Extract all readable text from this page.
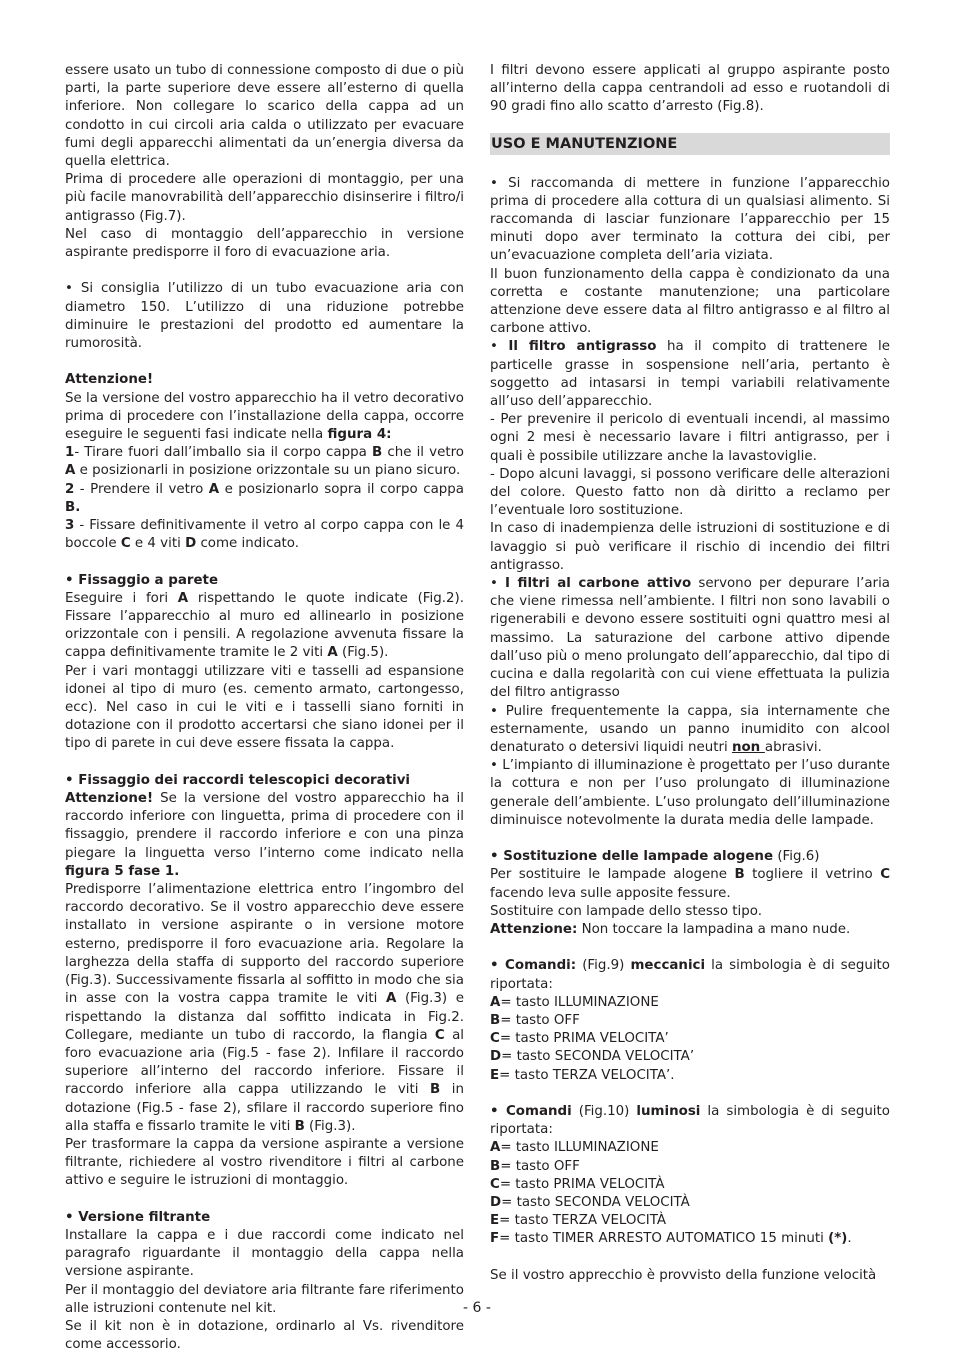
essere usato un tubo di connessione composto di due o più parti, la parte superiore deve essere all’esterno di quella inferiore. Non collegare lo scarico della cappa ad un condotto in cui circoli aria calda o utilizzato per evacuare fumi degli apparecchi alimentati da un’energia diversa da quella elettrica.

Prima di procedere alle operazioni di montaggio, per una più facile manovrabilità dell’apparecchio disinserire i filtro/i antigrasso (Fig.7).

Nel caso di montaggio dell’apparecchio in versione aspirante predisporre il foro di evacuazione aria.

• Si consiglia l’utilizzo di un tubo evacuazione aria con diametro 150. L’utilizzo di una riduzione potrebbe diminuire le prestazioni del prodotto ed aumentare la rumorosità.

Attenzione!

Se la versione del vostro apparecchio ha il vetro decorativo prima di procedere con l’installazione della cappa, occorre eseguire le seguenti fasi indicate nella figura 4:

1- Tirare fuori dall’imballo sia il corpo cappa B che il vetro A e posizionarli in posizione orizzontale su un piano sicuro.

2 - Prendere il vetro A e posizionarlo sopra il corpo cappa B.

3 - Fissare definitivamente il vetro al corpo cappa con le 4 boccole C e 4 viti D come indicato.

• Fissaggio a parete

Eseguire i fori A rispettando le quote indicate (Fig.2). Fissare l’apparecchio al muro ed allinearlo in posizione orizzontale con i pensili. A regolazione avvenuta fissare la cappa definitivamente tramite le 2 viti A (Fig.5).

Per i vari montaggi utilizzare viti e tasselli ad espansione idonei al tipo di muro (es. cemento armato, cartongesso, ecc). Nel caso in cui le viti e i tasselli siano forniti in dotazione con il prodotto accertarsi che siano idonei per il tipo di parete in cui deve essere fissata la cappa.

• Fissaggio dei raccordi telescopici decorativi

Attenzione! Se la versione del vostro apparecchio ha il raccordo inferiore con linguetta, prima di procedere con il fissaggio, prendere il raccordo inferiore e con una pinza piegare la linguetta verso l’interno come indicato nella figura 5 fase 1.

Predisporre l’alimentazione elettrica entro l’ingombro del raccordo decorativo. Se il vostro apparecchio deve essere installato in versione aspirante o in versione motore esterno, predisporre il foro evacuazione aria. Regolare la larghezza della staffa di supporto del raccordo superiore (Fig.3). Successivamente fissarla al soffitto in modo che sia in asse con la vostra cappa tramite le viti A (Fig.3) e rispettando la distanza dal soffitto indicata in Fig.2. Collegare, mediante un tubo di raccordo, la flangia C al foro evacuazione aria (Fig.5 - fase 2). Infilare il raccordo superiore all’interno del raccordo inferiore. Fissare il raccordo inferiore alla cappa utilizzando le viti B in dotazione (Fig.5 - fase 2), sfilare il raccordo superiore fino alla staffa e fissarlo tramite le viti B (Fig.3).

Per trasformare la cappa da versione aspirante a versione filtrante, richiedere al vostro rivenditore i filtri al carbone attivo e seguire le istruzioni di montaggio.

• Versione filtrante

Installare la cappa e i due raccordi come indicato nel paragrafo riguardante il montaggio della cappa nella versione aspirante.

Per il montaggio del deviatore aria filtrante fare riferimento alle istruzioni contenute nel kit.

Se il kit non è in dotazione, ordinarlo al Vs. rivenditore come accessorio.

I filtri devono essere applicati al gruppo aspirante posto all’interno della cappa centrandoli ad esso e ruotandoli di 90 gradi fino allo scatto d’arresto (Fig.8).

USO E MANUTENZIONE

• Si raccomanda di mettere in funzione l’apparecchio prima di procedere alla cottura di un qualsiasi alimento. Si raccomanda di lasciar funzionare l’apparecchio per 15 minuti dopo aver terminato la cottura dei cibi, per un’evacuazione completa dell’aria viziata.

Il buon funzionamento della cappa è condizionato da una corretta e costante manutenzione; una particolare attenzione deve essere data al filtro antigrasso e al filtro al carbone attivo.

• Il filtro antigrasso ha il compito di trattenere le particelle grasse in sospensione nell’aria, pertanto è soggetto ad intasarsi in tempi variabili relativamente all’uso dell’apparecchio.

- Per prevenire il pericolo di eventuali incendi, al massimo ogni 2 mesi è necessario lavare i filtri antigrasso, per i quali è possibile utilizzare anche la lavastoviglie.

- Dopo alcuni lavaggi, si possono verificare delle alterazioni del colore. Questo fatto non dà diritto a reclamo per l’eventuale loro sostituzione.

In caso di inadempienza delle istruzioni di sostituzione e di lavaggio si può verificare il rischio di incendio dei filtri antigrasso.

• I filtri al carbone attivo servono per depurare l’aria che viene rimessa nell’ambiente. I filtri non sono lavabili o rigenerabili e devono essere sostituiti ogni quattro mesi al massimo. La saturazione del carbone attivo dipende dall’uso più o meno prolungato dell’apparecchio, dal tipo di cucina e dalla regolarità con cui viene effettuata la pulizia del filtro antigrasso

• Pulire frequentemente la cappa, sia internamente che esternamente, usando un panno inumidito con alcool denaturato o detersivi liquidi neutri non abrasivi.

• L’impianto di illuminazione è progettato per l’uso durante la cottura e non per l’uso prolungato di illuminazione generale dell’ambiente. L’uso prolungato dell’illuminazione diminuisce notevolmente la durata media delle lampade.

• Sostituzione delle lampade alogene (Fig.6)

Per sostituire le lampade alogene B togliere il vetrino C facendo leva sulle apposite fessure.

Sostituire con lampade dello stesso tipo.

Attenzione: Non toccare la lampadina a mano nude.

• Comandi: (Fig.9) meccanici la simbologia è di seguito riportata:

A= tasto ILLUMINAZIONE

B= tasto OFF

C= tasto PRIMA VELOCITA’

D= tasto SECONDA VELOCITA’

E= tasto TERZA VELOCITA’.

• Comandi (Fig.10) luminosi la simbologia è di seguito riportata:

A= tasto ILLUMINAZIONE

B= tasto OFF

C= tasto PRIMA VELOCITÀ

D= tasto SECONDA VELOCITÀ

E= tasto TERZA VELOCITÀ

F= tasto TIMER ARRESTO AUTOMATICO 15 minuti (*).

Se il vostro apprecchio è provvisto della funzione velocità

- 6 -
